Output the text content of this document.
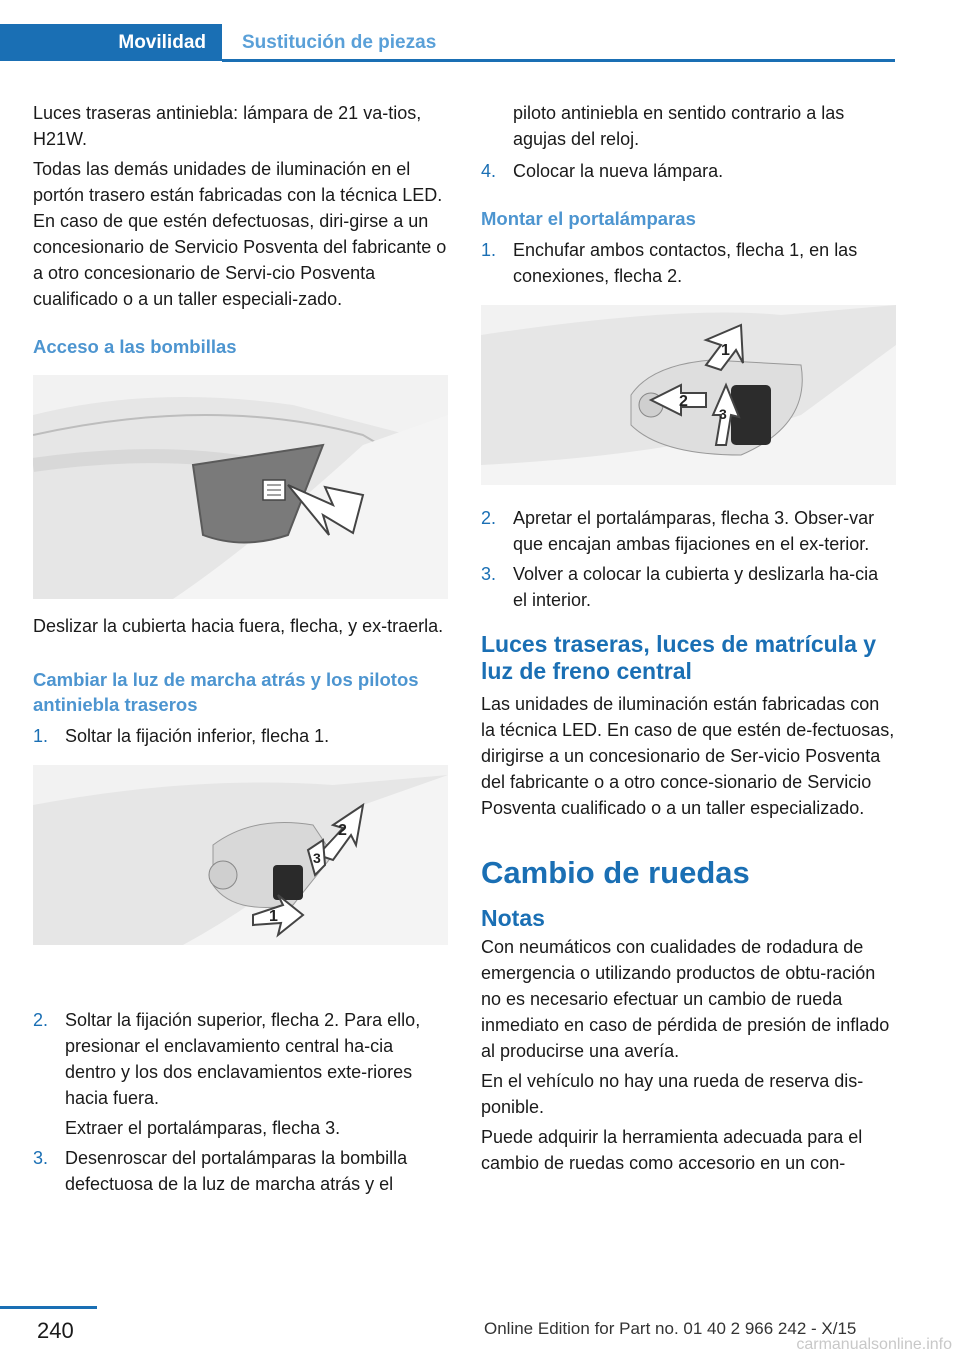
Movilidad	Sustitución de piezas

Luces traseras antiniebla: lámpara de 21 va-tios, H21W.

Todas las demás unidades de iluminación en el portón trasero están fabricadas con la técnica LED. En caso de que estén defectuosas, diri-girse a un concesionario de Servicio Posventa del fabricante o a otro concesionario de Servi-cio Posventa cualificado o a un taller especiali-zado.

Acceso a las bombillas

Deslizar la cubierta hacia fuera, flecha, y ex-traerla.

Cambiar la luz de marcha atrás y los pilotos antiniebla traseros
1. Soltar la fijación inferior, flecha 1.
1
2
3
2. Soltar la fijación superior, flecha 2. Para ello, presionar el enclavamiento central ha-cia dentro y los dos enclavamientos exte-riores hacia fuera.

Extraer el portalámparas, flecha 3.

3. Desenroscar del portalámparas la bombilla defectuosa de la luz de marcha atrás y el

piloto antiniebla en sentido contrario a las agujas del reloj.

4. Colocar la nueva lámpara.
Montar el portalámparas
1. Enchufar ambos contactos, flecha 1, en las conexiones, flecha 2.
1
2
3
2. Apretar el portalámparas, flecha 3. Obser-var que encajan ambas fijaciones en el ex-terior.
3. Volver a colocar la cubierta y deslizarla ha-cia el interior.
Luces traseras, luces de matrícula y luz de freno central

Las unidades de iluminación están fabricadas con la técnica LED. En caso de que estén de-fectuosas, dirigirse a un concesionario de Ser-vicio Posventa del fabricante o a otro conce-sionario de Servicio Posventa cualificado o a un taller especializado.

Cambio de ruedas
Notas

Con neumáticos con cualidades de rodadura de emergencia o utilizando productos de obtu-ración no es necesario efectuar un cambio de rueda inmediato en caso de pérdida de presión de inflado al producirse una avería.

En el vehículo no hay una rueda de reserva dis-ponible.

Puede adquirir la herramienta adecuada para el cambio de ruedas como accesorio en un con-

240	Online Edition for Part no. 01 40 2 966 242 - X/15
carmanualsonline.info
